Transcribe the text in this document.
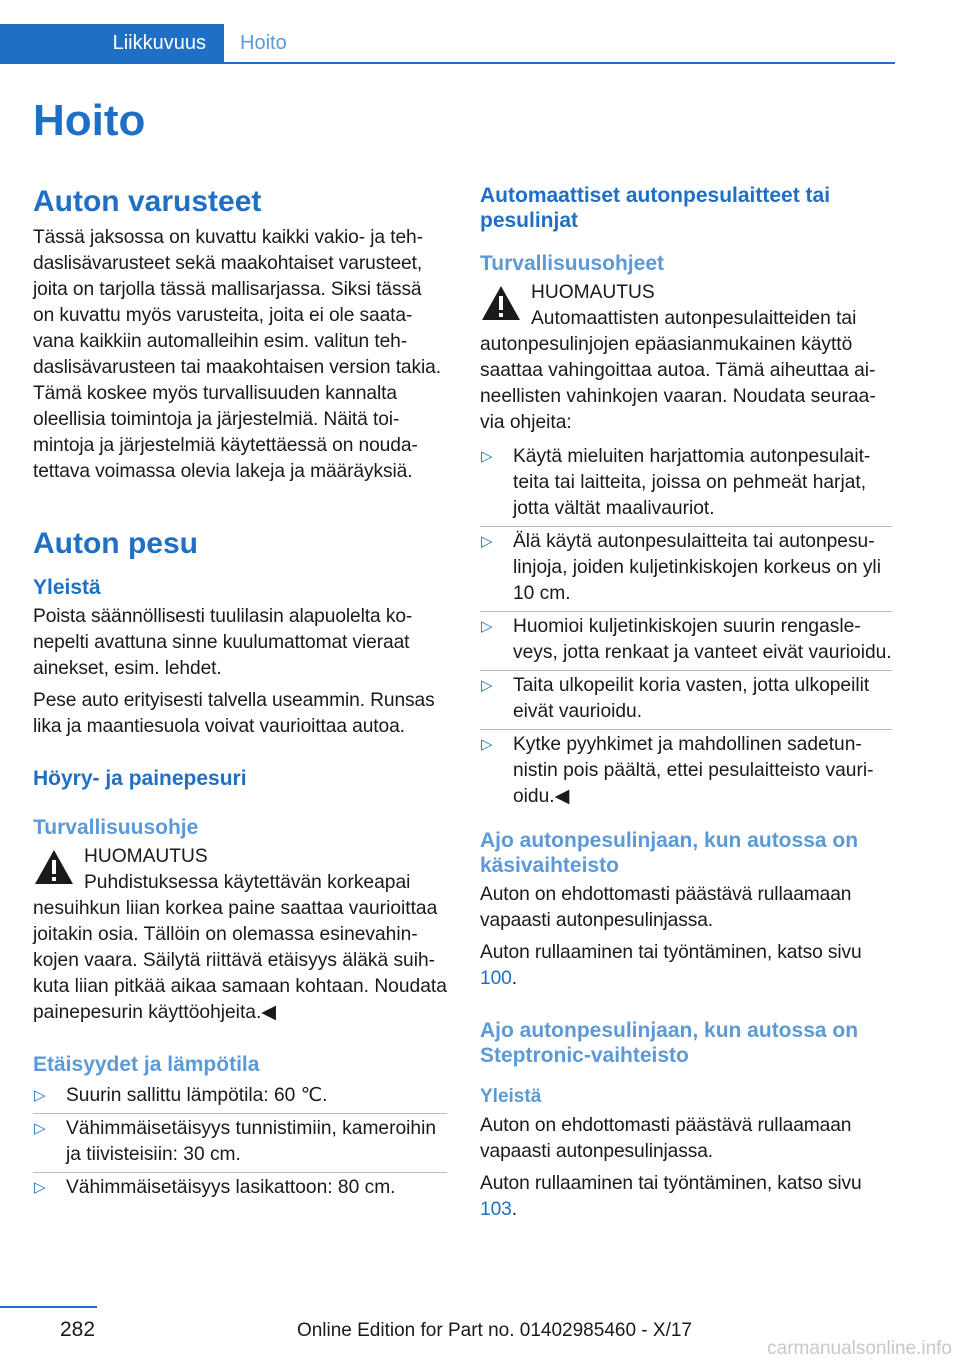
Liikkuvuus	Hoito
Hoito
Auton varusteet

Tässä jaksossa on kuvattu kaikki vakio- ja tehdaslisävarusteet sekä maakohtaiset varusteet, joita on tarjolla tässä mallisarjassa. Siksi tässä on kuvattu myös varusteita, joita ei ole saatavana kaikkiin automalleihin esim. valitun tehdaslisävarusteen tai maakohtaisen version takia. Tämä koskee myös turvallisuuden kannalta oleellisia toimintoja ja järjestelmiä. Näitä toimintoja ja järjestelmiä käytettäessä on noudatettava voimassa olevia lakeja ja määräyksiä.

Auton pesu
Yleistä

Poista säännöllisesti tuulilasin alapuolelta konepelti avattuna sinne kuulumattomat vieraat ainekset, esim. lehdet.

Pese auto erityisesti talvella useammin. Runsas lika ja maantiesuola voivat vaurioittaa autoa.

Höyry- ja painepesuri
Turvallisuusohje
HUOMAUTUS
Puhdistuksessa käytettävän korkeapai

nesuihkun liian korkea paine saattaa vaurioittaa joitakin osia. Tällöin on olemassa esinevahinkojen vaara. Säilytä riittävä etäisyys äläkä suihkuta liian pitkää aikaa samaan kohtaan. Noudata painepesurin käyttöohjeita.◀

Etäisyydet ja lämpötila
▷ Suurin sallittu lämpötila: 60 ℃.
▷ Vähimmäisetäisyys tunnistimiin, kameroihin ja tiivisteisiin: 30 cm.
▷ Vähimmäisetäisyys lasikattoon: 80 cm.
Automaattiset autonpesulaitteet tai pesulinjat
Turvallisuusohjeet
HUOMAUTUS
Automaattisten autonpesulaitteiden tai

autonpesulinjojen epäasianmukainen käyttö saattaa vahingoittaa autoa. Tämä aiheuttaa aineellisten vahinkojen vaaran. Noudata seuraavia ohjeita:

▷ Käytä mieluiten harjattomia autonpesulaitteita tai laitteita, joissa on pehmeät harjat, jotta vältät maalivauriot.
▷ Älä käytä autonpesulaitteita tai autonpesulinjoja, joiden kuljetinkiskojen korkeus on yli 10 cm.
▷ Huomioi kuljetinkiskojen suurin rengasleveys, jotta renkaat ja vanteet eivät vaurioidu.
▷ Taita ulkopeilit koria vasten, jotta ulkopeilit eivät vaurioidu.
▷ Kytke pyyhkimet ja mahdollinen sadetunnistin pois päältä, ettei pesulaitteisto vaurioidu.◀
Ajo autonpesulinjaan, kun autossa on käsivaihteisto

Auton on ehdottomasti päästävä rullaamaan vapaasti autonpesulinjassa.

Auton rullaaminen tai työntäminen, katso sivu 100.

Ajo autonpesulinjaan, kun autossa on Steptronic-vaihteisto
Yleistä

Auton on ehdottomasti päästävä rullaamaan vapaasti autonpesulinjassa.

Auton rullaaminen tai työntäminen, katso sivu 103.

282	Online Edition for Part no. 01402985460 - X/17
carmanualsonline.info
